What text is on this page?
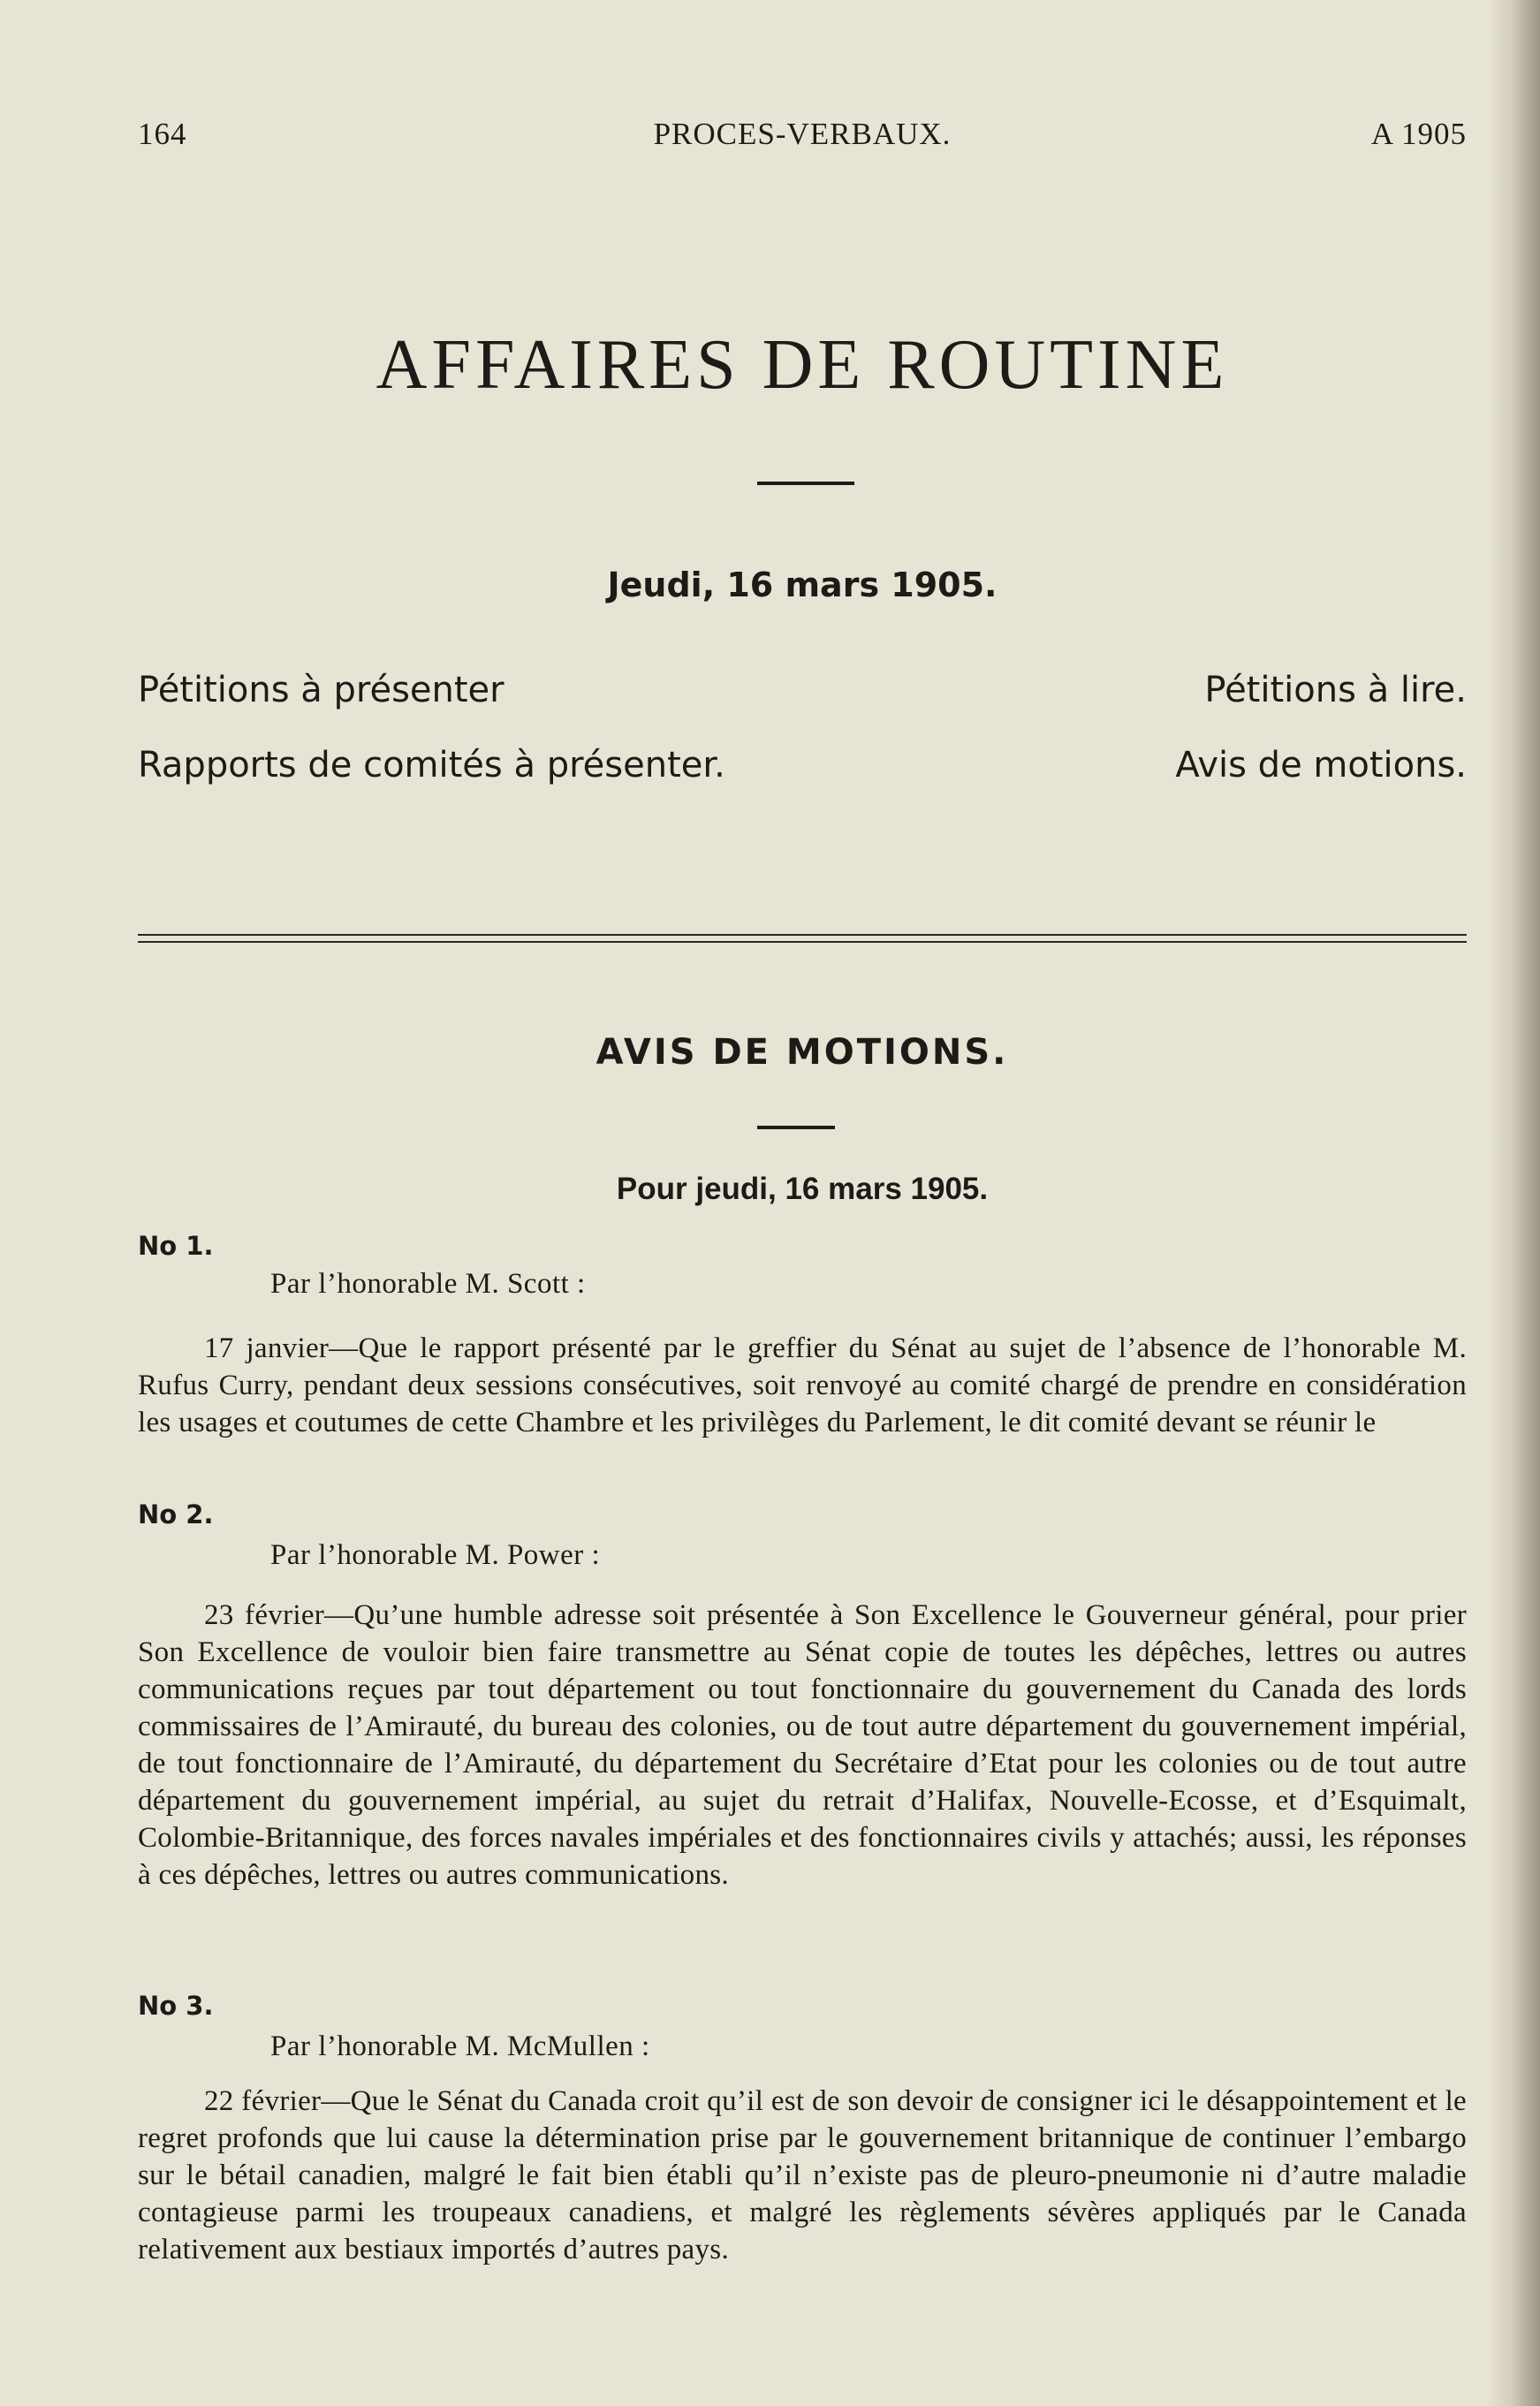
164	PROCES-VERBAUX.	A 1905
AFFAIRES DE ROUTINE
Jeudi, 16 mars 1905.
Pétitions à présenter	Pétitions à lire.
Rapports de comités à présenter.	Avis de motions.
AVIS DE MOTIONS.
Pour jeudi, 16 mars 1905.
No 1.
Par l’honorable M. Scott :

17 janvier—Que le rapport présenté par le greffier du Sénat au sujet de l’absence de l’honorable M. Rufus Curry, pendant deux sessions consécutives, soit renvoyé au comité chargé de prendre en considération les usages et coutumes de cette Chambre et les privilèges du Parlement, le dit comité devant se réunir le

No 2.
Par l’honorable M. Power :

23 février—Qu’une humble adresse soit présentée à Son Excellence le Gouverneur général, pour prier Son Excellence de vouloir bien faire transmettre au Sénat copie de toutes les dépêches, lettres ou autres communications reçues par tout département ou tout fonctionnaire du gouvernement du Canada des lords commissaires de l’Amirauté, du bureau des colonies, ou de tout autre département du gouvernement impérial, de tout fonctionnaire de l’Amirauté, du département du Secrétaire d’Etat pour les colonies ou de tout autre département du gouvernement impérial, au sujet du retrait d’Halifax, Nouvelle-Ecosse, et d’Esquimalt, Colombie-Britannique, des forces navales impériales et des fonctionnaires civils y attachés; aussi, les réponses à ces dépêches, lettres ou autres communications.

No 3.
Par l’honorable M. McMullen :

22 février—Que le Sénat du Canada croit qu’il est de son devoir de consigner ici le désappointement et le regret profonds que lui cause la détermination prise par le gouvernement britannique de continuer l’embargo sur le bétail canadien, malgré le fait bien établi qu’il n’existe pas de pleuro-pneumonie ni d’autre maladie contagieuse parmi les troupeaux canadiens, et malgré les règlements sévères appliqués par le Canada relativement aux bestiaux importés d’autres pays.
